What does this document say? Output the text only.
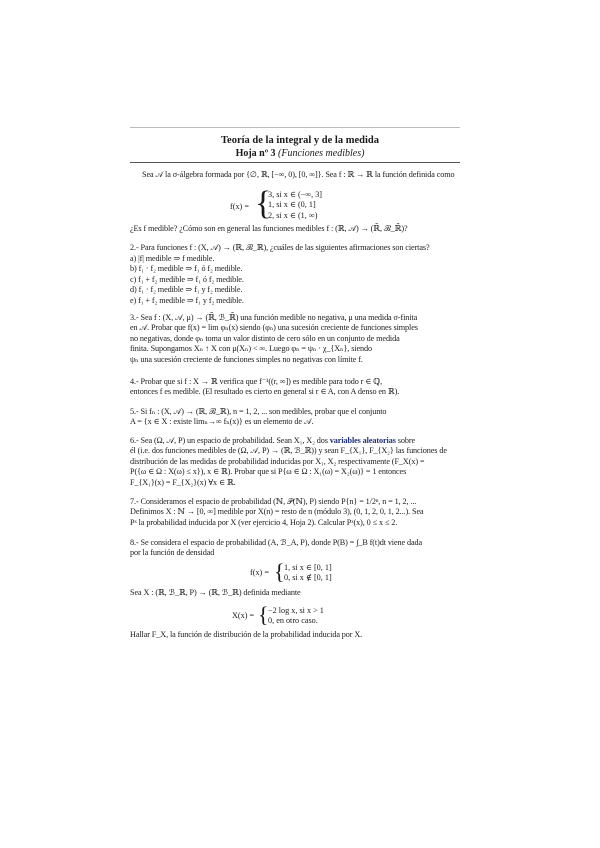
Teoría de la integral y de la medida
Hoja nº 3 (Funciones medibles)
Sea 𝒜 la σ-álgebra formada por {∅, ℝ, [−∞, 0), [0, ∞]}. Sea f : ℝ → ℝ la función definida como
f(x) = {
3, si x ∈ (−∞, 3]
1, si x ∈ (0, 1]
2, si x ∈ (1, ∞)
¿Es f medible? ¿Cómo son en general las funciones medibles f : (ℝ, 𝒜) → (ℝ̄, ℬ_ℝ̄)?
2.- Para funciones f : (X, 𝒜) → (ℝ, ℬ_ℝ), ¿cuáles de las siguientes afirmaciones son ciertas?
a) |f| medible ⇒ f medible.
b) f₁ · f₂ medible ⇒ f₁ ó f₂ medible.
c) f₁ + f₂ medible ⇒ f₁ ó f₂ medible.
d) f₁ · f₂ medible ⇒ f₁ y f₂ medible.
e) f₁ + f₂ medible ⇒ f₁ y f₂ medible.
3.- Sea f : (X, 𝒜, μ) → (ℝ̄, ℬ_ℝ̄) una función medible no negativa, μ una medida σ-finita
en 𝒜. Probar que f(x) = lim φₙ(x) siendo (φₙ) una sucesión creciente de funciones simples
no negativas, donde φₙ toma un valor distinto de cero sólo en un conjunto de medida
finita. Supongamos Xₙ ↑ X con μ(Xₙ) < ∞. Luego φₙ = ψₙ · χ_{Xₙ}, siendo
ψₙ una sucesión creciente de funciones simples no negativas con límite f.
4.- Probar que si f : X → ℝ verifica que f⁻¹((r, ∞]) es medible para todo r ∈ ℚ,
entonces f es medible. (El resultado es cierto en general si r ∈ A, con A denso en ℝ).
5.- Si fₙ : (X, 𝒜) → (ℝ, ℬ_ℝ), n = 1, 2, ... son medibles, probar que el conjunto
A = {x ∈ X : existe limₙ→∞ fₙ(x)} es un elemento de 𝒜.
6.- Sea (Ω, 𝒜, P) un espacio de probabilidad. Sean X₁, X₂ dos variables aleatorias sobre
él (i.e. dos funciones medibles de (Ω, 𝒜, P) → (ℝ, ℬ_ℝ)) y sean F_{X₁}, F_{X₂} las funciones de
distribución de las medidas de probabilidad inducidas por X₁, X₂ respectivamente (F_X(x) =
P({ω ∈ Ω : X(ω) ≤ x}), x ∈ ℝ). Probar que si P{ω ∈ Ω : X₁(ω) = X₂(ω)} = 1 entonces
F_{X₁}(x) = F_{X₂}(x) ∀x ∈ ℝ.
7.- Consideramos el espacio de probabilidad (ℕ, 𝒫(ℕ), P) siendo P{n} = 1/2ⁿ, n = 1, 2, ...
Definimos X : ℕ → [0, ∞] medible por X(n) = resto de n (módulo 3), (0, 1, 2, 0, 1, 2...). Sea
Pˣ la probabilidad inducida por X (ver ejercicio 4, Hoja 2). Calcular Pˣ(x), 0 ≤ x ≤ 2.
8.- Se considera el espacio de probabilidad (A, ℬ_A, P), donde P(B) = ∫_B f(t)dt viene dada
por la función de densidad
f(x) = { 1, si x ∈ [0, 1]
0, si x ∉ [0, 1]
Sea X : (ℝ, ℬ_ℝ, P) → (ℝ, ℬ_ℝ) definida mediante
X(x) = { −2 log x, si x > 1
0, en otro caso.
Hallar F_X, la función de distribución de la probabilidad inducida por X.
